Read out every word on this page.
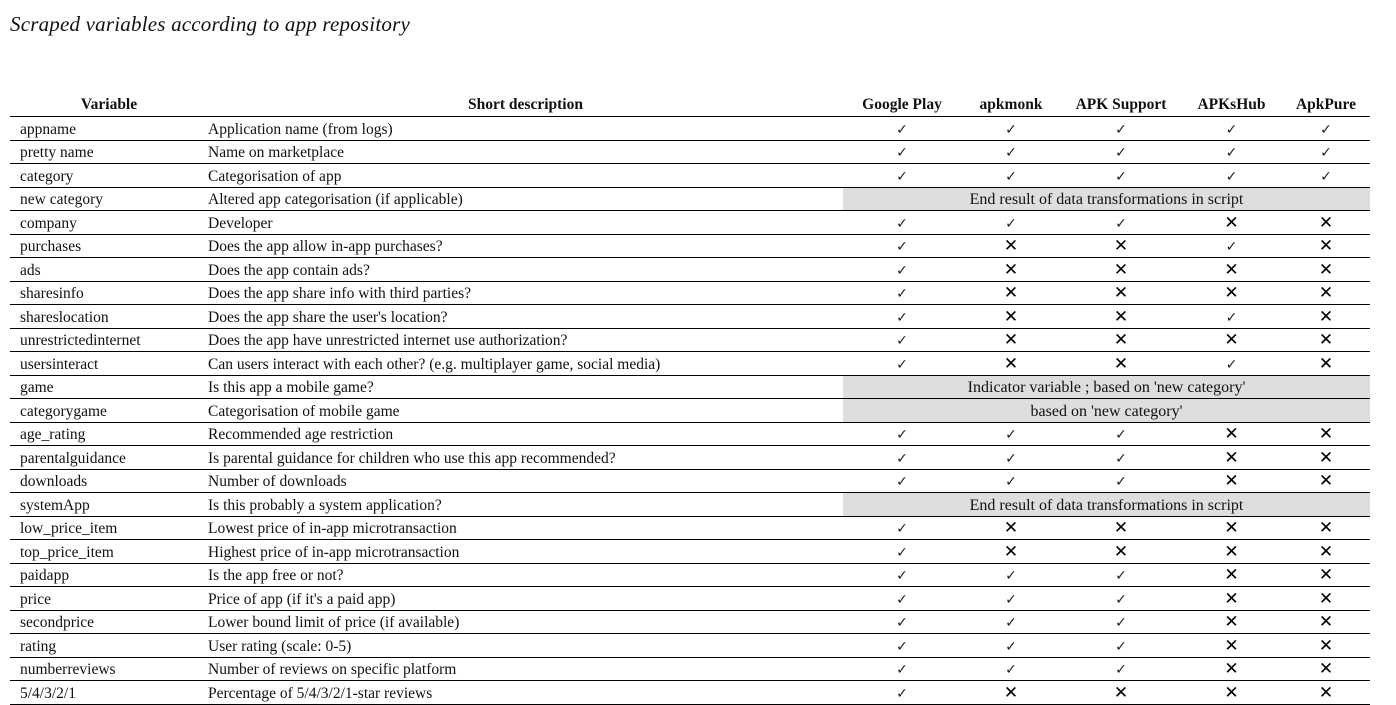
Scraped variables according to app repository
Variable	Short description	Google Play	apkmonk	APK Support	APKsHub	ApkPure
appname	Application name (from logs)	✓	✓	✓	✓	✓
pretty name	Name on marketplace	✓	✓	✓	✓	✓
category	Categorisation of app	✓	✓	✓	✓	✓
new category	Altered app categorisation (if applicable)	End result of data transformations in script				
company	Developer	✓	✓	✓	✕	✕
purchases	Does the app allow in-app purchases?	✓	✕	✕	✓	✕
ads	Does the app contain ads?	✓	✕	✕	✕	✕
sharesinfo	Does the app share info with third parties?	✓	✕	✕	✕	✕
shareslocation	Does the app share the user's location?	✓	✕	✕	✓	✕
unrestrictedinternet	Does the app have unrestricted internet use authorization?	✓	✕	✕	✕	✕
usersinteract	Can users interact with each other? (e.g. multiplayer game, social media)	✓	✕	✕	✓	✕
game	Is this app a mobile game?	Indicator variable ; based on 'new category'				
categorygame	Categorisation of mobile game	based on 'new category'				
age_rating	Recommended age restriction	✓	✓	✓	✕	✕
parentalguidance	Is parental guidance for children who use this app recommended?	✓	✓	✓	✕	✕
downloads	Number of downloads	✓	✓	✓	✕	✕
systemApp	Is this probably a system application?	End result of data transformations in script				
low_price_item	Lowest price of in-app microtransaction	✓	✕	✕	✕	✕
top_price_item	Highest price of in-app microtransaction	✓	✕	✕	✕	✕
paidapp	Is the app free or not?	✓	✓	✓	✕	✕
price	Price of app (if it's a paid app)	✓	✓	✓	✕	✕
secondprice	Lower bound limit of price (if available)	✓	✓	✓	✕	✕
rating	User rating (scale: 0-5)	✓	✓	✓	✕	✕
numberreviews	Number of reviews on specific platform	✓	✓	✓	✕	✕
5/4/3/2/1	Percentage of 5/4/3/2/1-star reviews	✓	✕	✕	✕	✕
